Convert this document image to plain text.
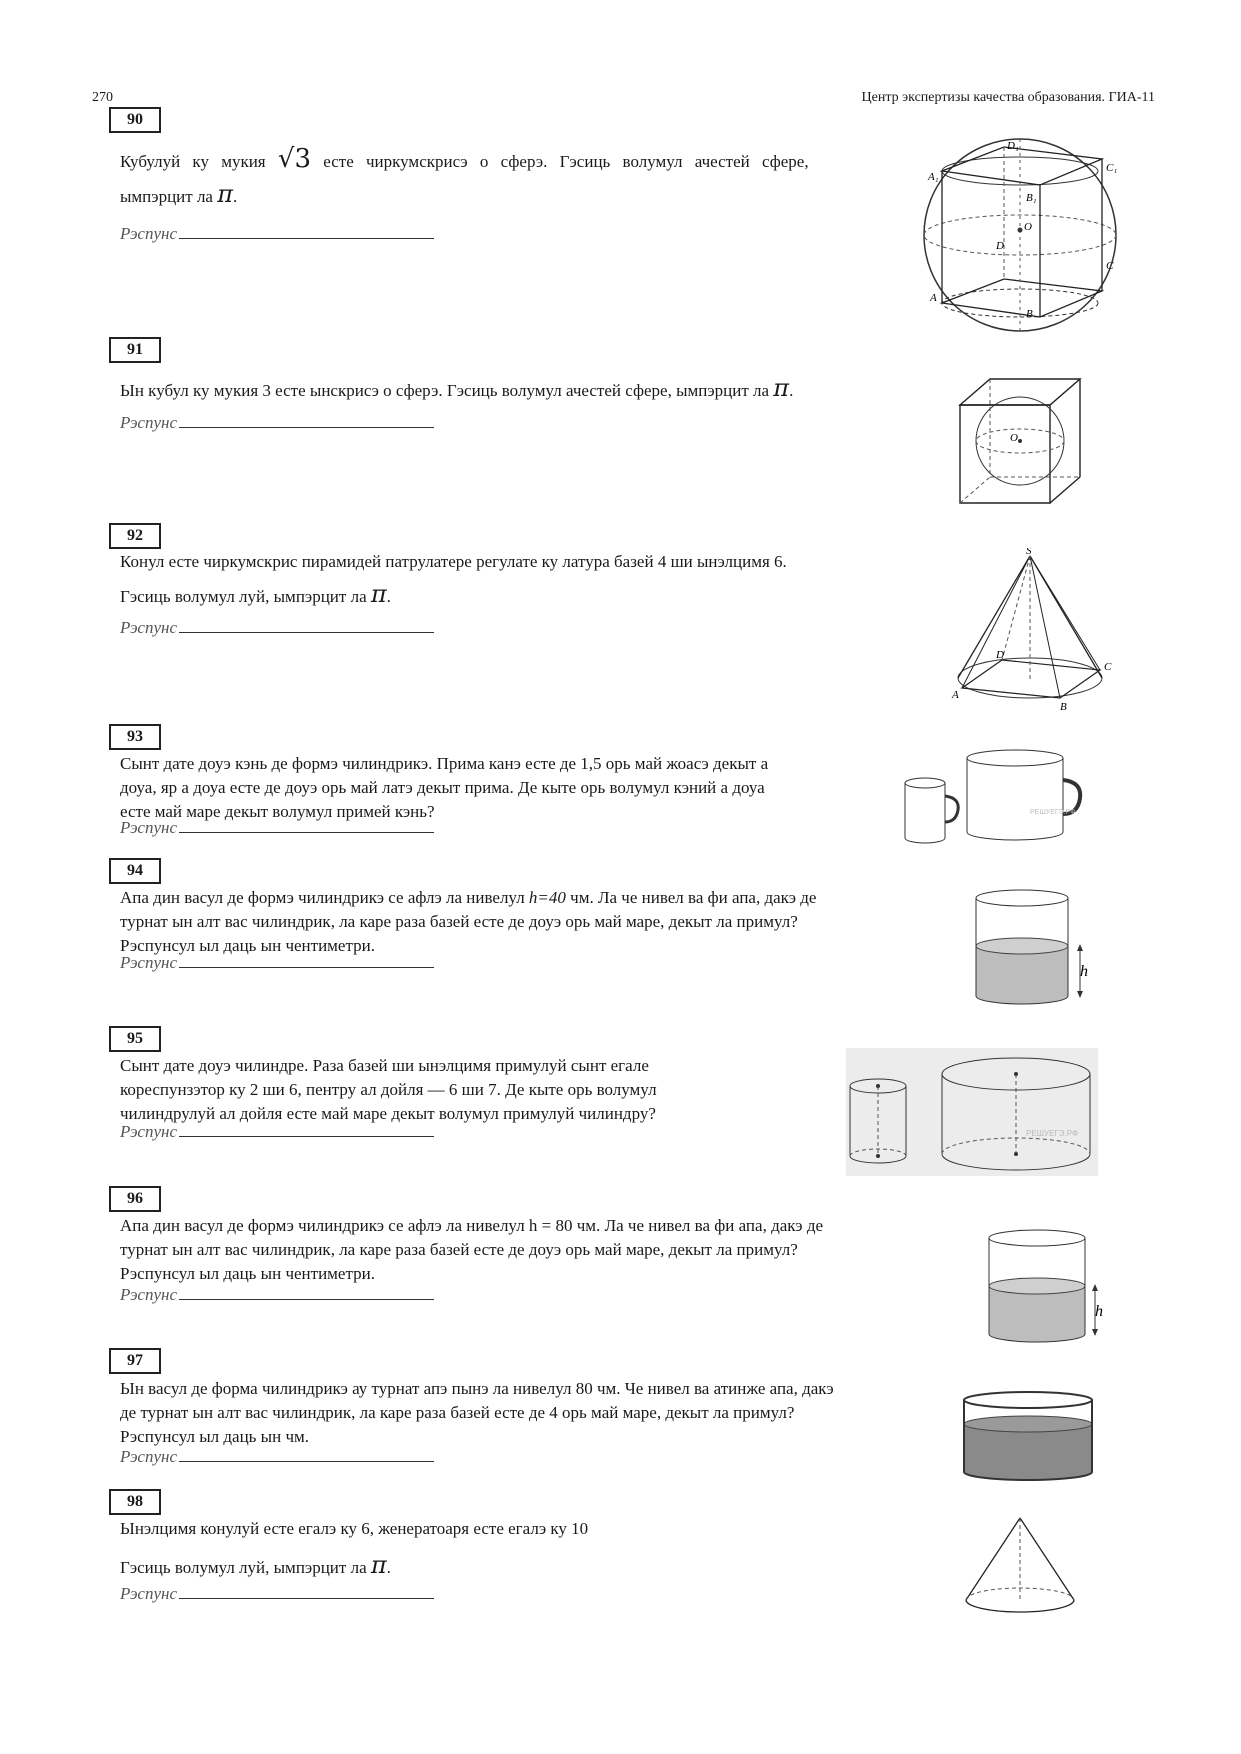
270	Центр экспертизы качества образования. ГИА-11
90
Кубулуй ку мукия √3 есте чиркумскрисэ о сферэ. Гэсиць волумул ачестей сфере,
ымпэрцит ла π.
Рэспунс
D₁
C₁
A₁
B₁
O
D
C
A
B
91
Ын кубул ку мукия 3 есте ынскрисэ о сферэ. Гэсиць волумул ачестей сфере, ымпэрцит ла π.
Рэспунс
O
92
Конул есте чиркумскрис пирамидей патрулатере регулате ку латура базей 4 ши ынэлцимя 6.
Гэсиць волумул луй, ымпэрцит ла π.
Рэспунс
S
D
C
A
B
93
Сынт дате доуэ кэнь де формэ чилиндрикэ. Прима канэ есте де 1,5 орь май жоасэ декыт а
доуа, яр а доуа есте де доуэ орь май латэ декыт прима. Де кыте орь волумул кэний а доуа
есте май маре декыт волумул примей кэнь?
Рэспунс
РЕШУЕГЭ.РФ
94
Апа дин васул де формэ чилиндрикэ се афлэ ла нивелул h=40 чм. Ла че нивел ва фи апа, дакэ де
турнат ын алт вас чилиндрик, ла каре раза базей есте де доуэ орь май маре, декыт ла примул?
Рэспунсул ыл даць ын чентиметри.
Рэспунс	h
95
Сынт дате доуэ чилиндре. Раза базей ши ынэлцимя примулуй сынт егале
кореспунзэтор ку 2 ши 6, пентру ал дойля — 6 ши 7. Де кыте орь волумул
чилиндрулуй ал дойля есте май маре декыт волумул примулуй чилиндру?
Рэспунс	РЕШУЕГЭ.РФ
96
Апа дин васул де формэ чилиндрикэ се афлэ ла нивелул h = 80 чм. Ла че нивел ва фи апа, дакэ де
турнат ын алт вас чилиндрик, ла каре раза базей есте де доуэ орь май маре, декыт ла примул?
Рэспунсул ыл даць ын чентиметри.
Рэспунс
h
97
Ын васул де форма чилиндрикэ ау турнат апэ пынэ ла нивелул 80 чм. Че нивел ва атинже апа, дакэ
де турнат ын алт вас чилиндрик, ла каре раза базей есте де 4 орь май маре, декыт ла примул?
Рэспунсул ыл даць ын чм.
Рэспунс
98
Ынэлцимя конулуй есте егалэ ку 6, женератоаря есте егалэ ку 10
Гэсиць волумул луй, ымпэрцит ла π.
Рэспунс
